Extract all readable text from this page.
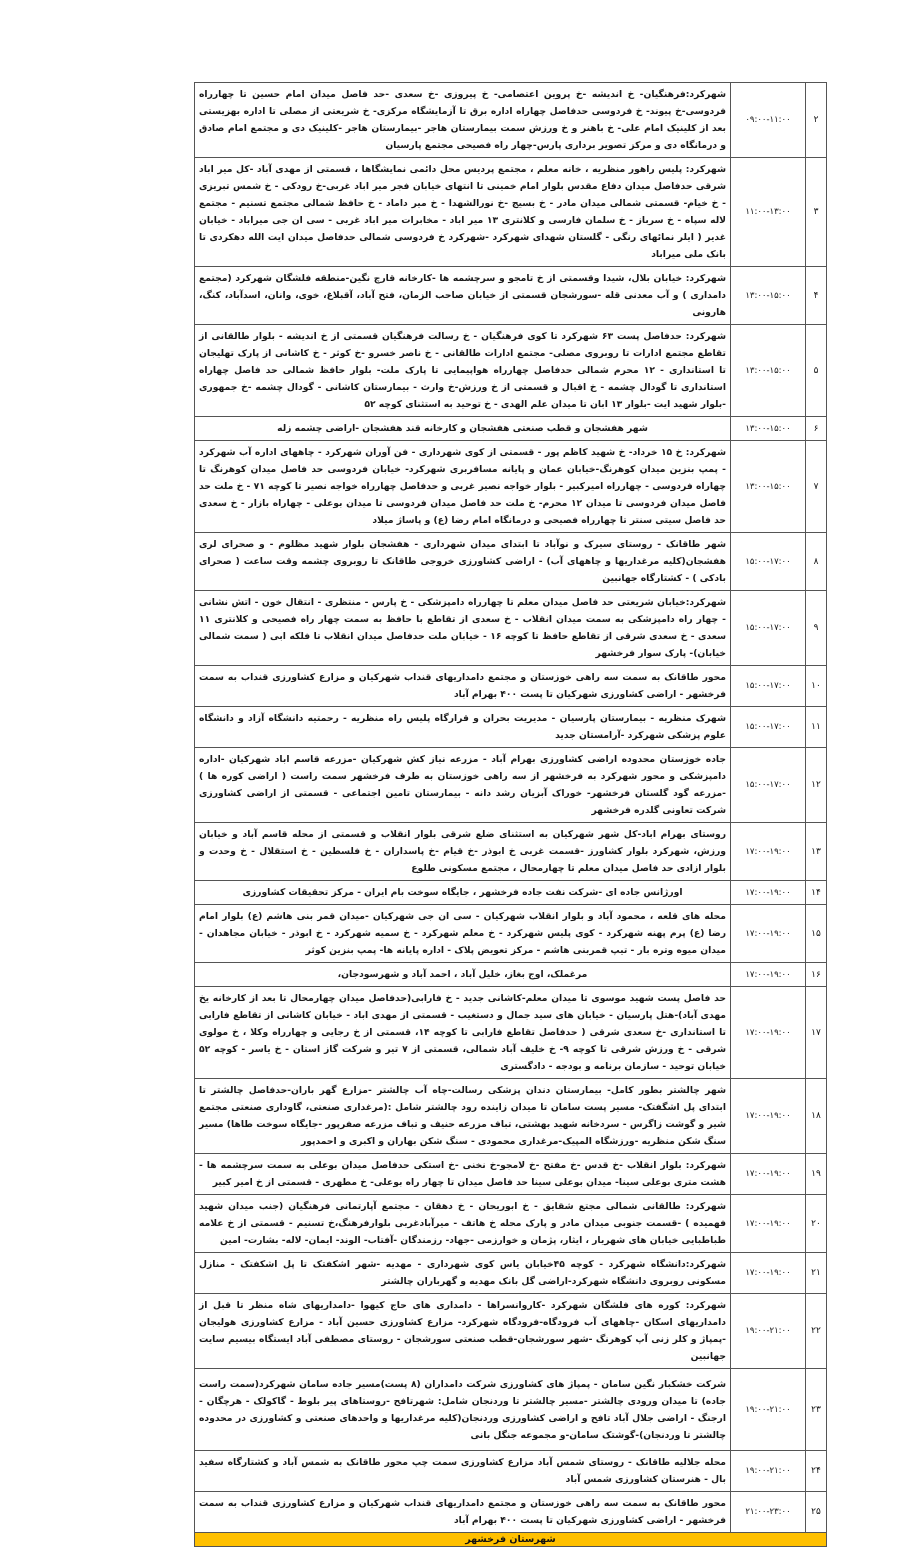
۲	۰۹:۰۰-۱۱:۰۰	شهرکرد:فرهنگیان- خ اندیشه -خ پروین اعتصامی- خ پیروزی -خ سعدی -حد فاصل میدان امام حسین تا چهارراه فردوسی-خ پیوند- خ فردوسی حدفاصل چهاراه اداره برق تا آزمایشگاه مرکزی- خ شریعتی از مصلی تا اداره بهزیستی بعد از کلینیک امام علی- خ باهنر و خ ورزش سمت بیمارستان هاجر -بیمارستان هاجر -کلینیک دی و مجتمع امام صادق و درمانگاه دی و مرکز تصویر برداری پارس-چهار راه فصیحی مجتمع پارسیان
۳	۱۱:۰۰-۱۳:۰۰	شهرکرد: پلیس راهور منظریه ، خانه معلم ، مجتمع پردیس محل دائمی نمایشگاها ، قسمتی از مهدی آباد -کل میر اباد شرقی حدفاصل میدان دفاع مقدس بلوار امام خمینی تا انتهای خیابان فجر میر اباد غربی-خ رودکی - خ شمس تبریزی - خ خیام- قسمتی شمالی میدان مادر - خ بسیج -خ نورالشهدا - خ میر داماد - خ حافظ شمالی مجتمع تسنیم - مجتمع لاله سپاه - خ سرباز - خ سلمان فارسی و کلانتری ۱۳ میر اباد - مخابرات میر اباد غربی - سی ان جی میراباد - خیابان غدیر ( ایلر نمائهای رنگی - گلستان شهدای شهرکرد -شهرکرد خ فردوسی شمالی حدفاصل میدان ایت الله دهکردی تا بانک ملی میراباد
۴	۱۳:۰۰-۱۵:۰۰	شهرکرد: خیابان بلال، شیدا وقسمتی از خ تامجو و سرچشمه ها -کارخانه قارچ نگین-منطقه فلشگان شهرکرد (مجتمع دامداری ) و آب معدنی قله -سورشجان قسمتی از خیابان صاحب الزمان، فتح آباد، آقبلاغ، خوی، وانان، اسدآباد، کنگ، هارونی
۵	۱۳:۰۰-۱۵:۰۰	شهرکرد: حدفاصل پست ۶۳ شهرکرد تا کوی فرهنگیان - خ رسالت فرهنگیان قسمتی از خ اندیشه - بلوار طالقانی از تقاطع مجتمع ادارات تا روبروی مصلی- مجتمع ادارات طالقانی - خ ناصر خسرو -خ کوثر - خ کاشانی از پارک تهلیجان تا استانداری - ۱۲ محرم شمالی حدفاصل چهارراه هواپیمایی تا پارک ملت- بلوار حافظ شمالی حد فاصل چهاراه استانداری تا گودال چشمه - خ اقبال و قسمتی از خ ورزش-خ وارث - بیمارستان کاشانی - گودال چشمه -خ جمهوری -بلوار شهید ایت -بلوار ۱۳ ابان تا میدان علم الهدی - خ توحید به استثنای کوچه ۵۲
۶	۱۳:۰۰-۱۵:۰۰	شهر هفشجان و قطب صنعتی هفشجان و کارخانه قند هفشجان -اراضی چشمه زله
۷	۱۳:۰۰-۱۵:۰۰	شهرکرد: خ ۱۵ خرداد- خ شهید کاظم پور - قسمتی از کوی شهرداری - فن آوران شهرکرد - چاههای اداره آب شهرکرد - پمپ بنزین میدان کوهرنگ-خیابان عمان و پایانه مسافربری شهرکرد- خیابان فردوسی حد فاصل میدان کوهرنگ تا چهاراه فردوسی - چهارراه امیرکبیر - بلوار خواجه نصیر غربی و حدفاصل چهارراه خواجه نصیر تا کوچه ۷۱ - خ ملت حد فاصل میدان فردوسی تا میدان ۱۲ محرم- خ ملت حد فاصل میدان فردوسی تا میدان بوعلی - چهاراه بازار - خ سعدی حد فاصل سیتی سنتر تا چهارراه فصیحی و درمانگاه امام رضا (ع) و پاساژ میلاد
۸	۱۵:۰۰-۱۷:۰۰	شهر طاقانک - روستای سیرک و نوآباد تا ابتدای میدان شهرداری - هفشجان بلوار شهید مظلوم - و صحرای لری هفشجان(کلیه مرغداریها و چاههای آب) - اراضی کشاورزی خروجی طاقانک تا روبروی چشمه وقت ساعت ( صحرای بادکی ) - کشتارگاه جهانبین
۹	۱۵:۰۰-۱۷:۰۰	شهرکرد:خیابان شریعتی حد فاصل میدان معلم تا چهارراه دامپزشکی - خ پارس - منتظری - انتقال خون - اتش نشانی - چهار راه دامپزشکی به سمت میدان انقلاب - خ سعدی از تقاطع با حافظ به سمت چهار راه فصیحی و کلانتری ۱۱ سعدی - خ سعدی شرقی از تقاطع حافظ تا کوچه ۱۶ - خیابان ملت حدفاصل میدان انقلاب تا فلکه ابی ( سمت شمالی خیابان)- پارک سوار فرخشهر
۱۰	۱۵:۰۰-۱۷:۰۰	محور طاقانک به سمت سه راهی خوزستان و مجتمع دامداریهای قنداب شهرکیان و مزارع کشاورزی قنداب به سمت فرخشهر - اراضی کشاورزی شهرکیان تا پست ۴۰۰ بهرام آباد
۱۱	۱۵:۰۰-۱۷:۰۰	شهرک منظریه - بیمارستان پارسیان - مدیریت بحران و قرارگاه پلیس راه منظریه - رحمتیه دانشگاه آزاد و دانشگاه علوم پزشکی شهرکرد -آرامستان جدید
۱۲	۱۵:۰۰-۱۷:۰۰	جاده خوزستان محدوده اراضی کشاورزی بهرام آباد - مزرعه نیاز کش شهرکیان -مزرعه قاسم اباد شهرکیان -اداره دامپزشکی و محور شهرکرد به فرخشهر از سه راهی خوزستان به طرف فرخشهر سمت راست ( اراضی کوره ها ) -مزرعه گود گلستان فرخشهر- خوراک آبزیان رشد دانه - بیمارستان تامین اجتماعی - قسمتی از اراضی کشاورزی شرکت تعاونی گلدره فرخشهر
۱۳	۱۷:۰۰-۱۹:۰۰	روستای بهرام اباد-کل شهر شهرکیان به استثنای ضلع شرقی بلوار انقلاب و قسمتی از محله قاسم آباد و خیابان ورزش، شهرکرد بلوار کشاورز -قسمت غربی خ ابوذر -خ قیام -خ پاسداران - خ فلسطین - خ استقلال - خ وحدت و بلوار ازادی حد فاصل میدان معلم تا چهارمحال ، مجتمع مسکونی طلوع
۱۴	۱۷:۰۰-۱۹:۰۰	اورژانس جاده ای -شرکت نفت جاده فرخشهر ، جایگاه سوخت بام ایران - مرکز تحقیقات کشاورزی
۱۵	۱۷:۰۰-۱۹:۰۰	محله های قلعه ، محمود آباد و بلوار انقلاب شهرکیان - سی ان جی شهرکیان -میدان قمر بنی هاشم (ع) بلوار امام رضا (ع) پرم پهنه شهرکرد - کوی پلیس شهرکرد - خ معلم شهرکرد - خ سمیه شهرکرد - خ ابوذر - خیابان مجاهدان - میدان میوه وتره بار - تیپ قمربنی هاشم - مرکز تعویض پلاک - اداره پایانه ها- پمپ بنزین کوثر
۱۶	۱۷:۰۰-۱۹:۰۰	مرغملک، اوج بغاز، خلیل آباد ، احمد آباد و شهرسودجان،
۱۷	۱۷:۰۰-۱۹:۰۰	حد فاصل پست شهید موسوی تا میدان معلم-کاشانی جدید - خ فارابی(حدفاصل میدان چهارمحال تا بعد از کارخانه یخ مهدی آباد)-هتل پارسیان - خیابان های سید جمال و دستغیب - قسمتی از مهدی اباد - خیابان کاشانی از تقاطع فارابی تا استانداری -خ سعدی شرقی ( حدفاصل تقاطع فارابی تا کوچه ۱۴، قسمتی از خ رجایی و چهارراه وکلا ، خ مولوی شرقی - خ ورزش شرقی تا کوچه ۹- خ خلیف آباد شمالی، قسمتی از ۷ تیر و شرکت گاز استان - خ یاسر - کوچه ۵۲ خیابان توحید - سازمان برنامه و بودجه - دادگستری
۱۸	۱۷:۰۰-۱۹:۰۰	شهر چالشتر بطور کامل- بیمارستان دندان پزشکی رسالت-چاه آب چالشتر -مزارع گهر باران-حدفاصل چالشتر تا ابتدای پل اشگفتک- مسیر پست سامان تا میدان زاینده رود چالشتر شامل :(مرغداری صنعتی، گاوداری صنعتی مجتمع شیر و گوشت زاگرس - سردخانه شهید بهشتی، تباف مزرعه حنیف و تباف مزرعه صفرپور -جایگاه سوخت طاها) مسیر سنگ شکن منظریه -ورزشگاه المپیک-مرغداری محمودی - سنگ شکن بهاران و اکبری و احمدپور
۱۹	۱۷:۰۰-۱۹:۰۰	شهرکرد: بلوار انقلاب -خ قدس -خ مفتح -خ لامجو-خ نخنی -خ استکی حدفاصل میدان بوعلی به سمت سرچشمه ها - هشت متری بوعلی سینا- میدان بوعلی سینا حد فاصل میدان تا چهار راه بوعلی- خ مطهری - قسمتی از خ امیر کبیر
۲۰	۱۷:۰۰-۱۹:۰۰	شهرکرد: طالقانی شمالی مجتع شقایق - خ ابوریحان - خ دهقان - مجتمع آپارتمانی فرهنگیان (جنب میدان شهید فهمیده ) -قسمت جنوبی میدان مادر و پارک محله خ هاتف - میرآبادغربی بلوارفرهنگ،خ تسنیم - قسمتی از خ علامه طباطبایی خیابان های شهریار ، ایثار، پژمان و خوارزمی -جهاد- رزمندگان -آفتاب- الوند- ایمان- لاله- بشارت- امین
۲۱	۱۷:۰۰-۱۹:۰۰	شهرکرد:دانشگاه شهرکرد - کوچه ۴۵خیابان یاس کوی شهرداری - مهدیه -شهر اشکفتک تا پل اشکفتک - منازل مسکونی روبروی دانشگاه شهرکرد-اراضی گل بانک مهدیه و گهرباران چالشتر
۲۲	۱۹:۰۰-۲۱:۰۰	شهرکرد: کوره های فلشگان شهرکرد -کاروانسراها - دامداری های حاج کیهوا -دامداریهای شاه منظر تا قبل از دامداریهای اسکان -چاههای آب فرودگاه-فرودگاه شهرکرد- مزارع کشاورزی حسین آباد - مزارع کشاورزی هولیجان -پمپاژ و کلر زنی آپ کوهرنگ -شهر سورشجان-قطب صنعتی سورشجان - روستای مصطفی آباد ایستگاه بیسیم سایت جهانبین
۲۳	۱۹:۰۰-۲۱:۰۰	شرکت خشکبار نگین سامان - پمپاژ های کشاورزی شرکت دامداران (۸ پست)مسیر جاده سامان شهرکرد(سمت راست جاده) تا میدان ورودی چالشتر -مسیر چالشتر تا وردنجان شامل: شهرتافح -روستاهای پیر بلوط - گاکولک - هرچگان - ارجنگ - اراضی جلال آباد تافح و اراضی کشاورزی وردنجان(کلیه مرغداریها و واحدهای صنعتی و کشاورزی در محدوده چالشتر تا وردنجان)-گوشتک سامان-و مجموعه جنگل بانی
۲۴	۱۹:۰۰-۲۱:۰۰	محله جلالیه طاقانک - روستای شمس آباد مزارع کشاورزی سمت چپ محور طاقانک به شمس آباد و کشتارگاه سفید بال - هنرستان کشاورزی شمس آباد
۲۵	۲۱:۰۰-۲۳:۰۰	محور طاقانک به سمت سه راهی خوزستان و مجتمع دامداریهای قنداب شهرکیان و مزارع کشاورزی قنداب به سمت فرخشهر - اراضی کشاورزی شهرکیان تا پست ۴۰۰ بهرام آباد
شهرستان فرخشهر		
